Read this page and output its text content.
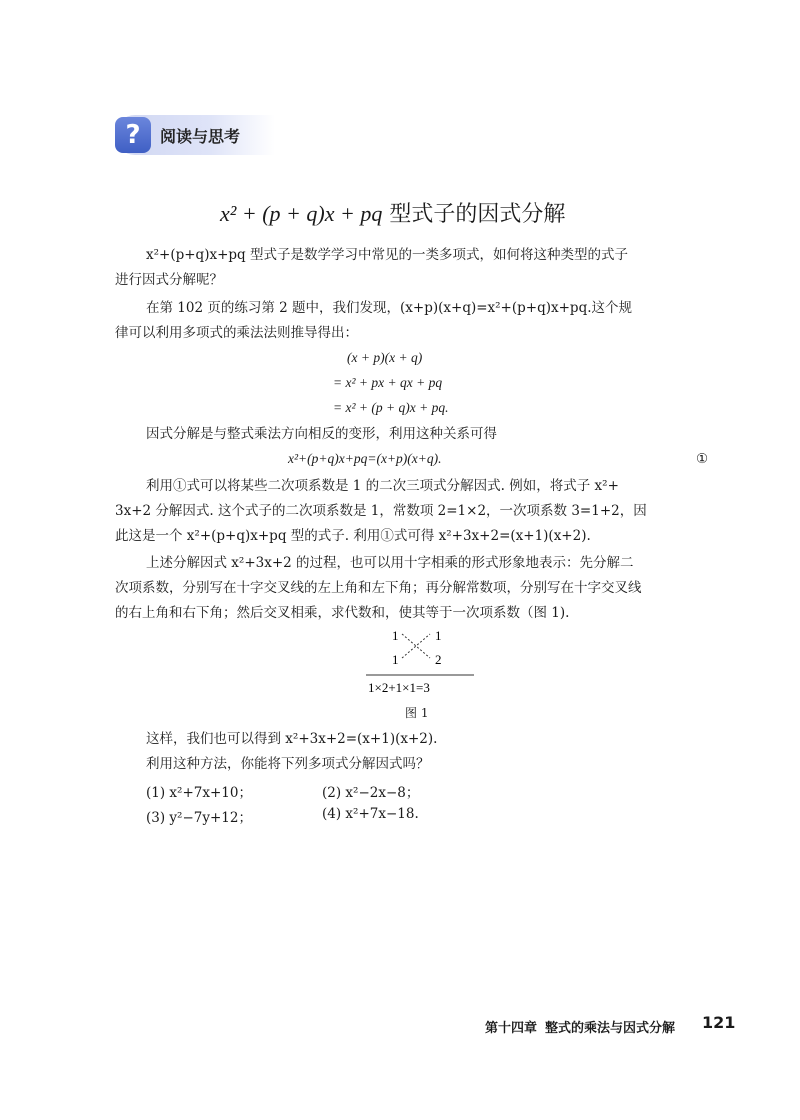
?	阅读与思考
x² + (p + q)x + pq 型式子的因式分解
x²+(p+q)x+pq 型式子是数学学习中常见的一类多项式，如何将这种类型的式子
进行因式分解呢？
在第 102 页的练习第 2 题中，我们发现，(x+p)(x+q)=x²+(p+q)x+pq.这个规
律可以利用多项式的乘法法则推导得出：
(x + p)(x + q)
= x² + px + qx + pq
= x² + (p + q)x + pq.
因式分解是与整式乘法方向相反的变形，利用这种关系可得
x²+(p+q)x+pq=(x+p)(x+q).	①
利用①式可以将某些二次项系数是 1 的二次三项式分解因式. 例如，将式子 x²+
3x+2 分解因式. 这个式子的二次项系数是 1，常数项 2=1×2，一次项系数 3=1+2，因
此这是一个 x²+(p+q)x+pq 型的式子. 利用①式可得 x²+3x+2=(x+1)(x+2).
上述分解因式 x²+3x+2 的过程，也可以用十字相乘的形式形象地表示：先分解二
次项系数，分别写在十字交叉线的左上角和左下角；再分解常数项，分别写在十字交叉线
的右上角和右下角；然后交叉相乘，求代数和，使其等于一次项系数（图 1).
1	1
1	2
1×2+1×1=3
图 1
这样，我们也可以得到 x²+3x+2=(x+1)(x+2).
利用这种方法，你能将下列多项式分解因式吗？
(1) x²+7x+10；	(2) x²−2x−8；
(3) y²−7y+12；	(4) x²+7x−18.
第十四章 整式的乘法与因式分解 121
